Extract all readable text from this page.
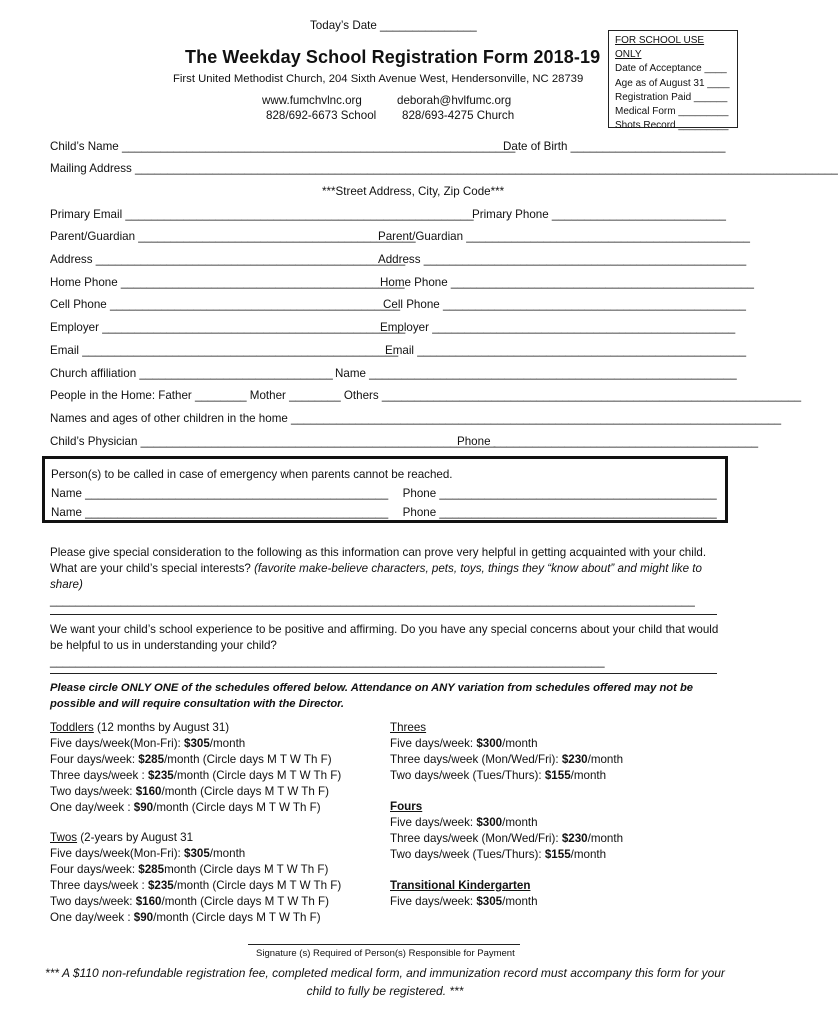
Today’s Date _______________
The Weekday School Registration Form 2018-19
First United Methodist Church, 204 Sixth Avenue West, Hendersonville, NC 28739
www.fumchvlnc.org	deborah@hvlfumc.org
828/692-6673 School 828/693-4275 Church
FOR SCHOOL USE ONLY
Date of Acceptance ____
Age as of August 31 ____
Registration Paid ______
Medical Form _________
Shots Record _________
Child’s Name _____________________________________________________________
Date of Birth ________________________
Mailing Address _____________________________________________________________________________________________________________
***Street Address, City, Zip Code***
Primary Email ______________________________________________________
Primary Phone ___________________________
Parent/Guardian ___________________________________________
Parent/Guardian ____________________________________________
Address ________________________________________________
Address __________________________________________________
Home Phone ____________________________________________
Home Phone _______________________________________________
Cell Phone _____________________________________________
Cell Phone _______________________________________________
Employer _______________________________________________
Employer _______________________________________________
Email _________________________________________________
Email ___________________________________________________
Church affiliation ______________________________ Name _________________________________________________________
People in the Home: Father ________ Mother ________ Others _________________________________________________________________
Names and ages of other children in the home ____________________________________________________________________________
Child’s Physician _______________________________________________________
Phone _________________________________________
Person(s) to be called in case of emergency when parents cannot be reached.
Name _______________________________________________ Phone ___________________________________________
Name _______________________________________________ Phone ___________________________________________
Please give special consideration to the following as this information can prove very helpful in getting acquainted with your child. What are your child’s special interests? (favorite make-believe characters, pets, toys, things they “know about” and might like to share) ____________________________________________________________________________________________________
We want your child’s school experience to be positive and affirming. Do you have any special concerns about your child that would be helpful to us in understanding your child? ______________________________________________________________________________________
Please circle ONLY ONE of the schedules offered below. Attendance on ANY variation from schedules offered may not be possible and will require consultation with the Director.
Toddlers (12 months by August 31)
Five days/week(Mon-Fri): $305/month
Four days/week: $285/month (Circle days M T W Th F)
Three days/week : $235/month (Circle days M T W Th F)
Two days/week: $160/month (Circle days M T W Th F)
One day/week : $90/month (Circle days M T W Th F)
Twos (2-years by August 31
Five days/week(Mon-Fri): $305/month
Four days/week: $285month (Circle days M T W Th F)
Three days/week : $235/month (Circle days M T W Th F)
Two days/week: $160/month (Circle days M T W Th F)
One day/week : $90/month (Circle days M T W Th F)
Threes
Five days/week: $300/month
Three days/week (Mon/Wed/Fri): $230/month
Two days/week (Tues/Thurs): $155/month
Fours
Five days/week: $300/month
Three days/week (Mon/Wed/Fri): $230/month
Two days/week (Tues/Thurs): $155/month
Transitional Kindergarten
Five days/week: $305/month
Signature (s) Required of Person(s) Responsible for Payment
*** A $110 non-refundable registration fee, completed medical form, and immunization record must accompany this form for your
child to fully be registered. ***
